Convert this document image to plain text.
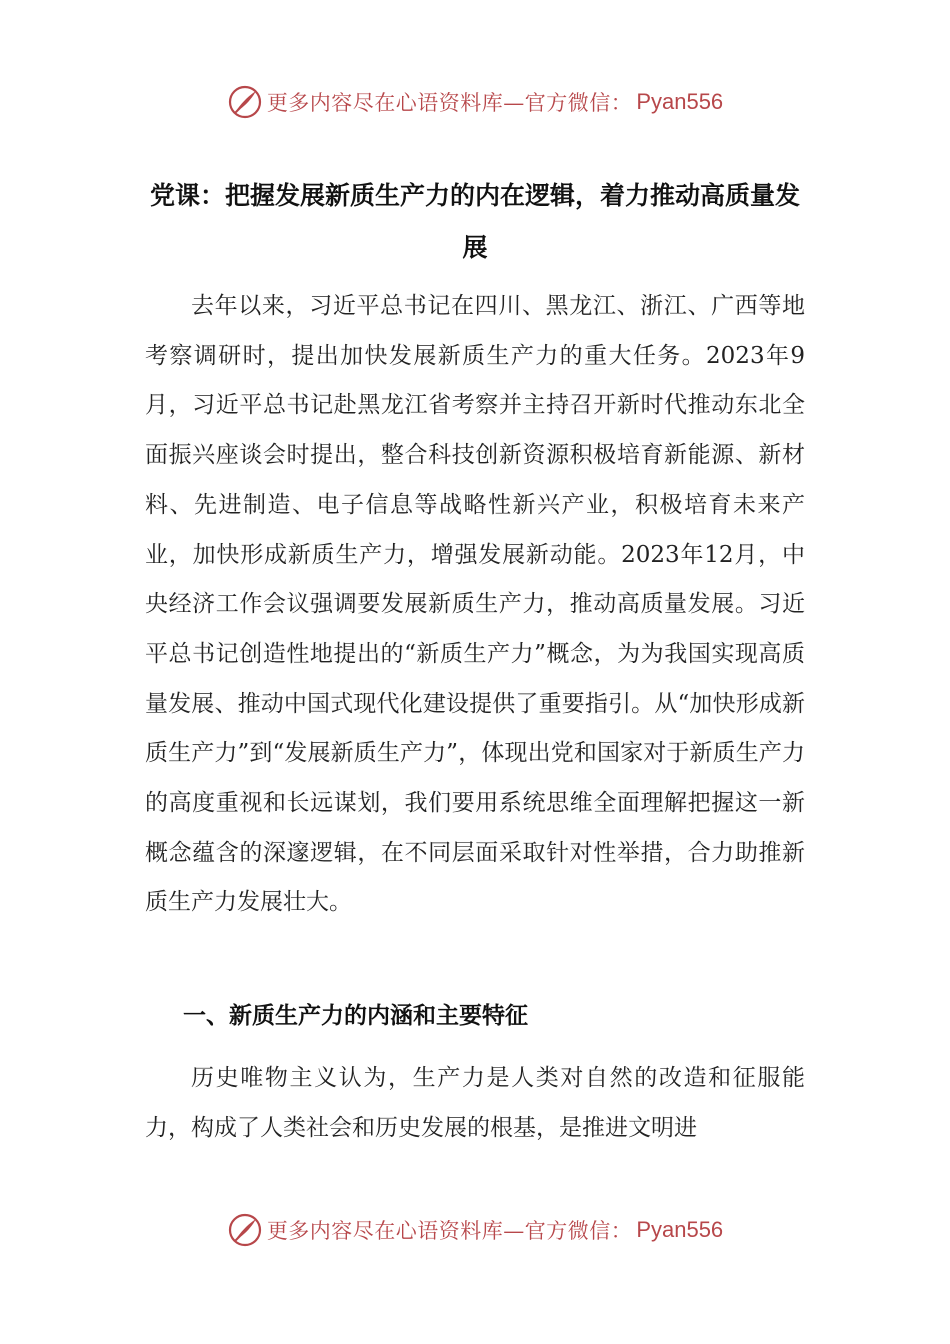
更多内容尽在心语资料库—官方微信： Pyan556
党课：把握发展新质生产力的内在逻辑，着力推动高质量发展

去年以来，习近平总书记在四川、黑龙江、浙江、广西等地考察调研时，提出加快发展新质生产力的重大任务。2023年9月，习近平总书记赴黑龙江省考察并主持召开新时代推动东北全面振兴座谈会时提出，整合科技创新资源积极培育新能源、新材料、先进制造、电子信息等战略性新兴产业，积极培育未来产业，加快形成新质生产力，增强发展新动能。2023年12月，中央经济工作会议强调要发展新质生产力，推动高质量发展。习近平总书记创造性地提出的“新质生产力”概念，为为我国实现高质量发展、推动中国式现代化建设提供了重要指引。从“加快形成新质生产力”到“发展新质生产力”，体现出党和国家对于新质生产力的高度重视和长远谋划，我们要用系统思维全面理解把握这一新概念蕴含的深邃逻辑，在不同层面采取针对性举措，合力助推新质生产力发展壮大。

一、新质生产力的内涵和主要特征

历史唯物主义认为，生产力是人类对自然的改造和征服能力，构成了人类社会和历史发展的根基，是推进文明进

更多内容尽在心语资料库—官方微信： Pyan556
